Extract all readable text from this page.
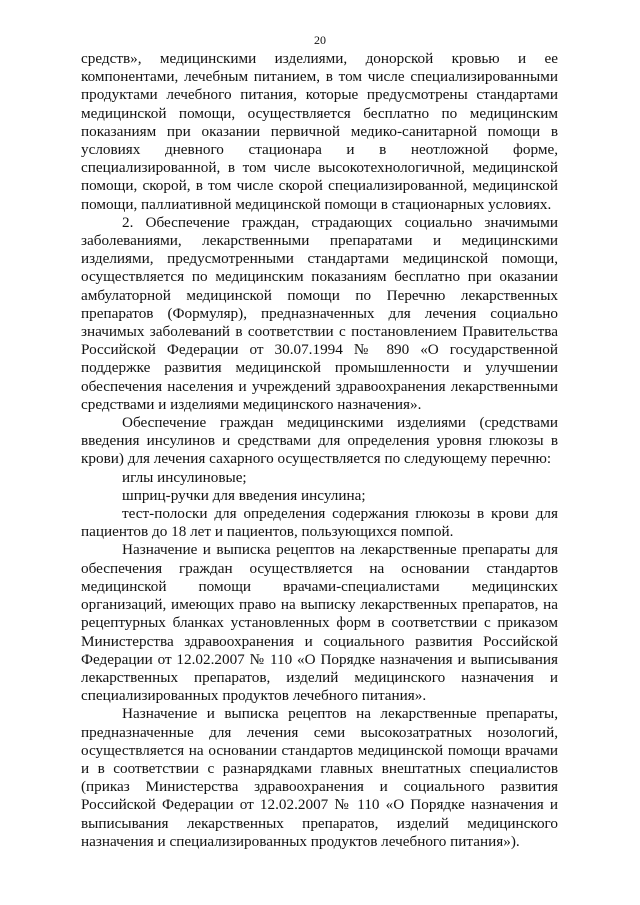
20

средств», медицинскими изделиями, донорской кровью и ее компонентами, лечебным питанием, в том числе специализированными продуктами лечебного питания, которые предусмотрены стандартами медицинской помощи, осуществляется бесплатно по медицинским показаниям при оказании первичной медико-санитарной помощи в условиях дневного стационара и в неотложной форме, специализированной, в том числе высокотехнологичной, медицинской помощи, скорой, в том числе скорой специализированной, медицинской помощи, паллиативной медицинской помощи в стационарных условиях.

2. Обеспечение граждан, страдающих социально значимыми заболеваниями, лекарственными препаратами и медицинскими изделиями, предусмотренными стандартами медицинской помощи, осуществляется по медицинским показаниям бесплатно при оказании амбулаторной медицинской помощи по Перечню лекарственных препаратов (Формуляр), предназначенных для лечения социально значимых заболеваний в соответствии с постановлением Правительства Российской Федерации от 30.07.1994 № 890 «О государственной поддержке развития медицинской промышленности и улучшении обеспечения населения и учреждений здравоохранения лекарственными средствами и изделиями медицинского назначения».

Обеспечение граждан медицинскими изделиями (средствами введения инсулинов и средствами для определения уровня глюкозы в крови) для лечения сахарного осуществляется по следующему перечню:

иглы инсулиновые;

шприц-ручки для введения инсулина;

тест-полоски для определения содержания глюкозы в крови для пациентов до 18 лет и пациентов, пользующихся помпой.

Назначение и выписка рецептов на лекарственные препараты для обеспечения граждан осуществляется на основании стандартов медицинской помощи врачами-специалистами медицинских организаций, имеющих право на выписку лекарственных препаратов, на рецептурных бланках установленных форм в соответствии с приказом Министерства здравоохранения и социального развития Российской Федерации от 12.02.2007 № 110 «О Порядке назначения и выписывания лекарственных препаратов, изделий медицинского назначения и специализированных продуктов лечебного питания».

Назначение и выписка рецептов на лекарственные препараты, предназначенные для лечения семи высокозатратных нозологий, осуществляется на основании стандартов медицинской помощи врачами и в соответствии с разнарядками главных внештатных специалистов (приказ Министерства здравоохранения и социального развития Российской Федерации от 12.02.2007 № 110 «О Порядке назначения и выписывания лекарственных препаратов, изделий медицинского назначения и специализированных продуктов лечебного питания»).
